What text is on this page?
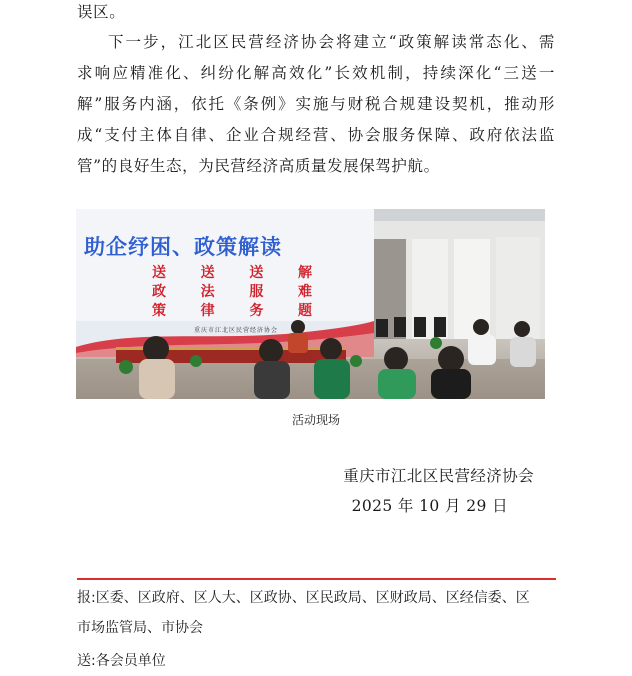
误区。
下一步，江北区民营经济协会将建立“政策解读常态化、需
求响应精准化、纠纷化解高效化”长效机制，持续深化“三送一
解”服务内涵，依托《条例》实施与财税合规建设契机，推动形
成“支付主体自律、企业合规经营、协会服务保障、政府依法监
管”的良好生态，为民营经济高质量发展保驾护航。
助企纾困、政策解读
送 送 送 解
政 法 服 难
策 律 务 题
重庆市江北区民营经济协会
活动现场
重庆市江北区民营经济协会
2025 年 10 月 29 日
报:区委、区政府、区人大、区政协、区民政局、区财政局、区经信委、区
市场监管局、市协会
送:各会员单位
